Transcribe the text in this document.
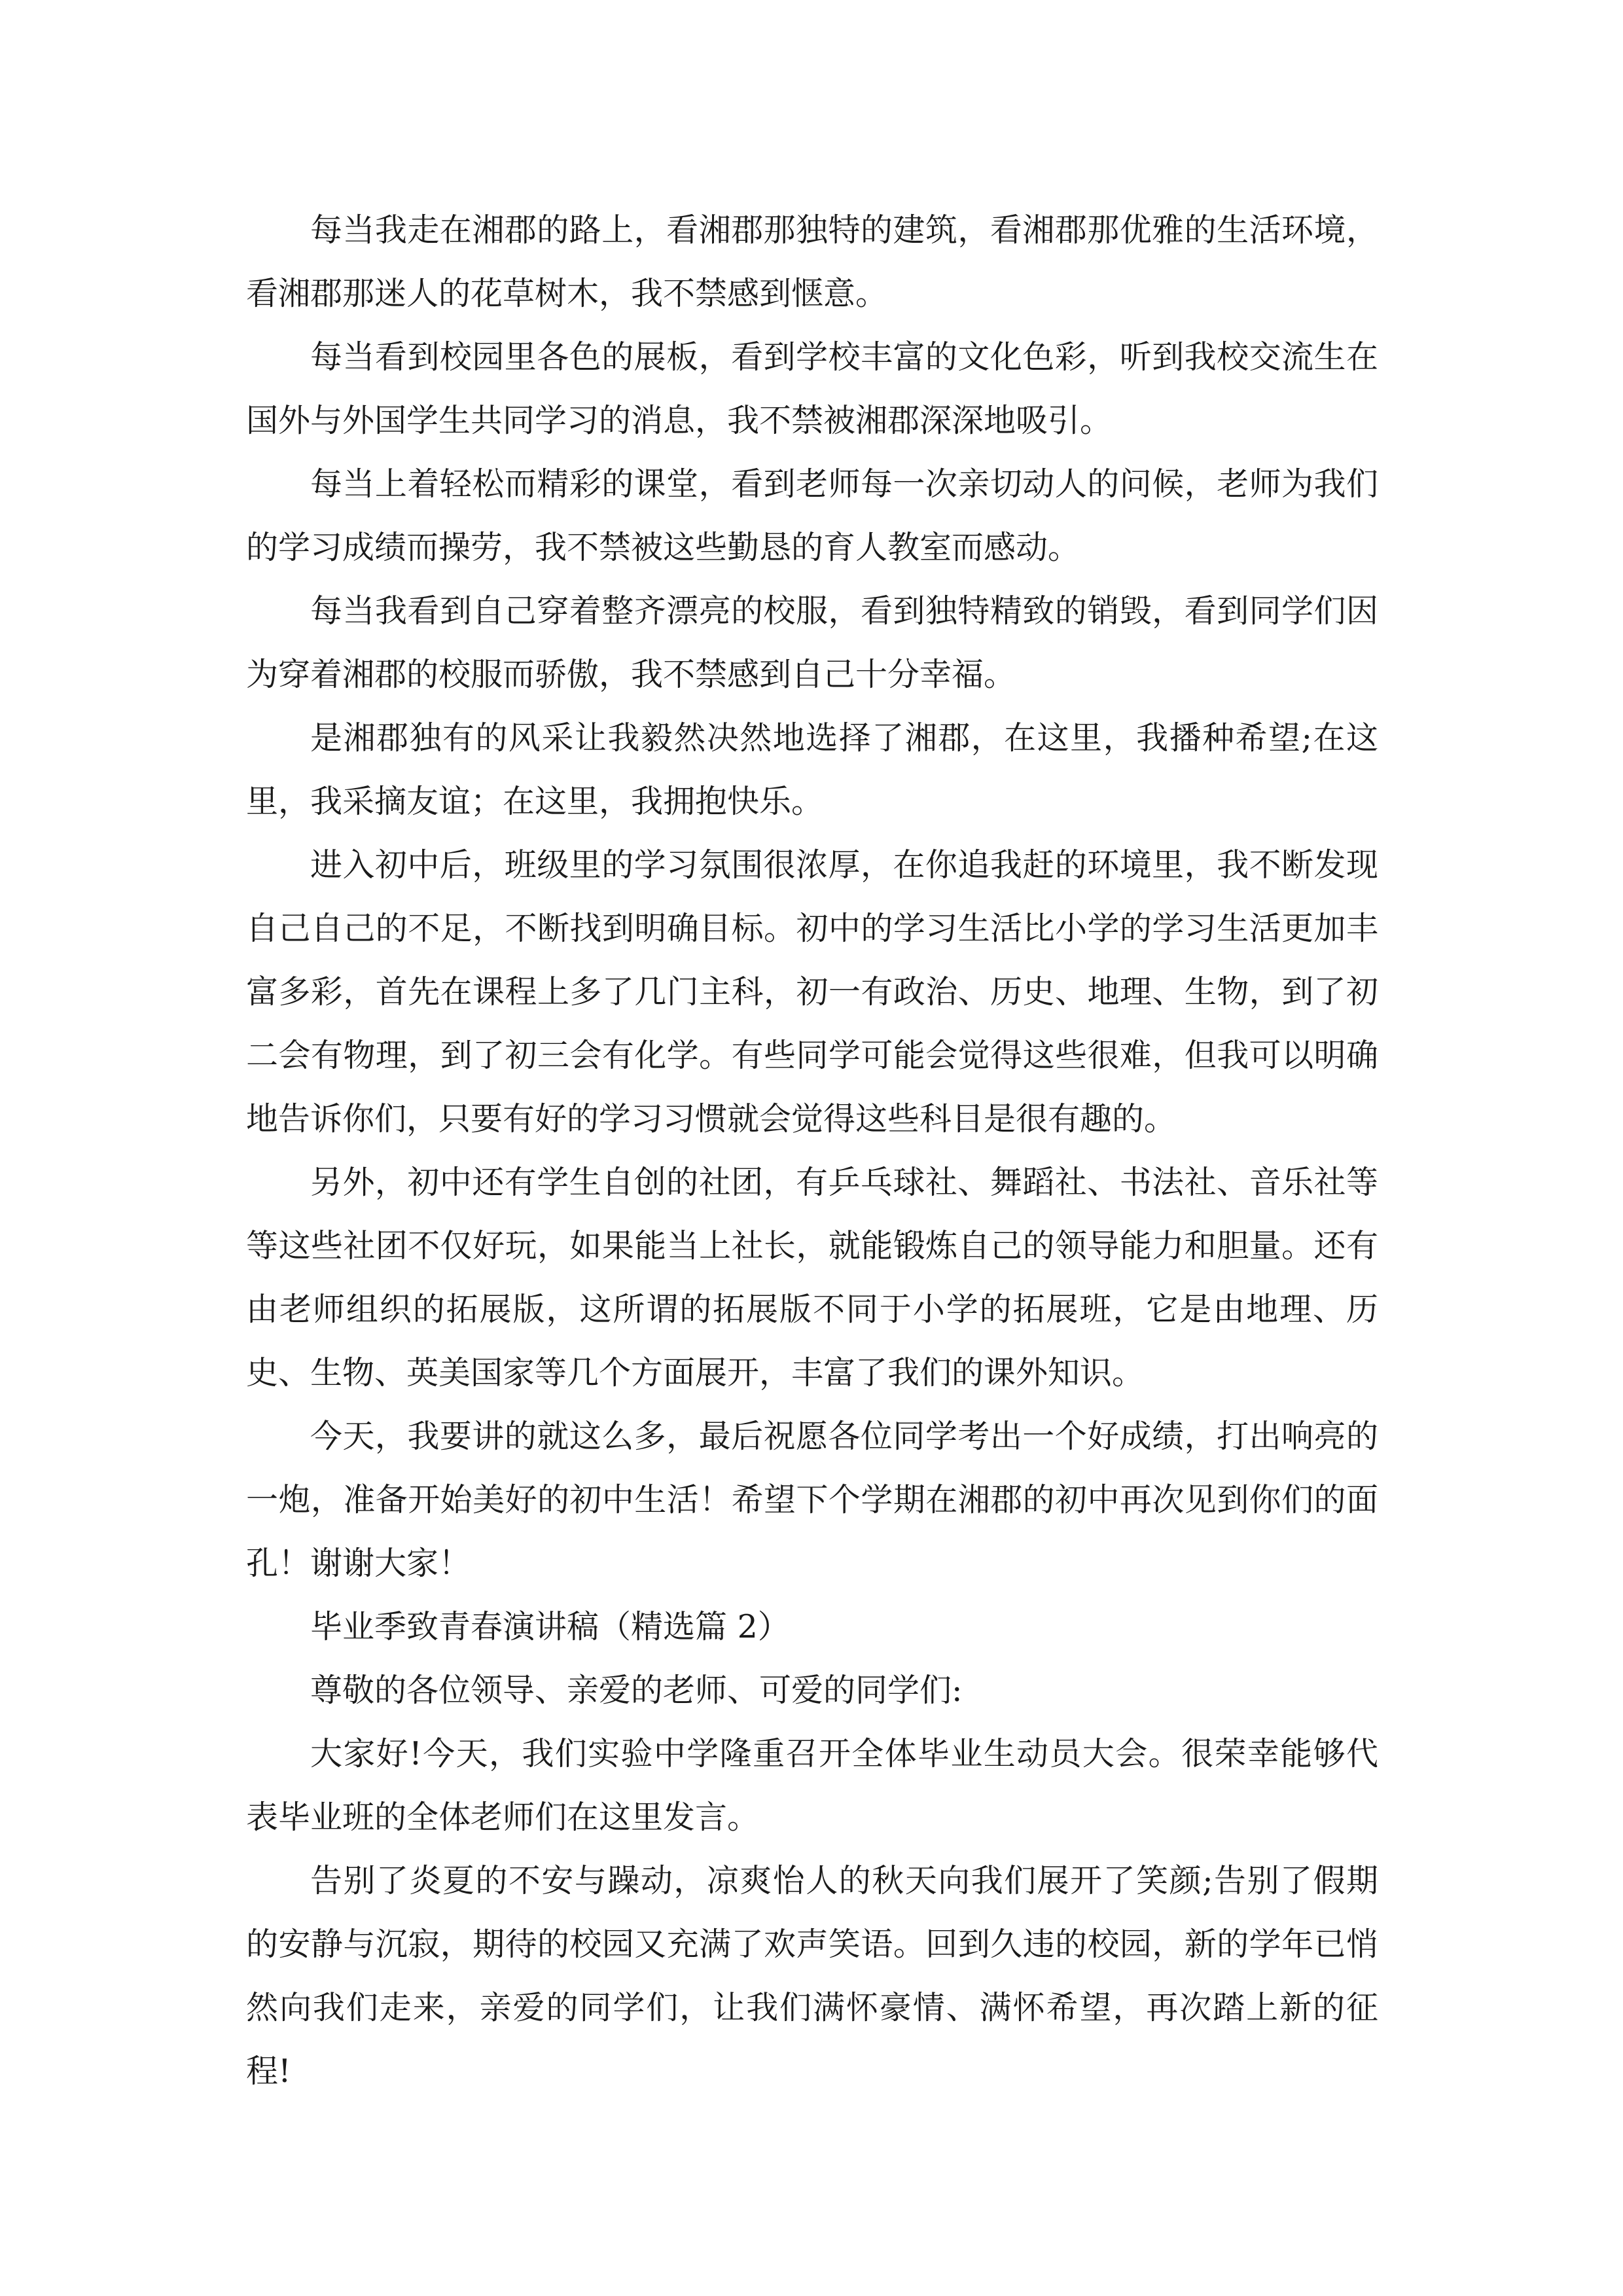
每当我走在湘郡的路上，看湘郡那独特的建筑，看湘郡那优雅的生活环境，看湘郡那迷人的花草树木，我不禁感到惬意。

每当看到校园里各色的展板，看到学校丰富的文化色彩，听到我校交流生在国外与外国学生共同学习的消息，我不禁被湘郡深深地吸引。

每当上着轻松而精彩的课堂，看到老师每一次亲切动人的问候，老师为我们的学习成绩而操劳，我不禁被这些勤恳的育人教室而感动。

每当我看到自己穿着整齐漂亮的校服，看到独特精致的销毁，看到同学们因为穿着湘郡的校服而骄傲，我不禁感到自己十分幸福。

是湘郡独有的风采让我毅然决然地选择了湘郡，在这里，我播种希望;在这里，我采摘友谊；在这里，我拥抱快乐。

进入初中后，班级里的学习氛围很浓厚，在你追我赶的环境里，我不断发现自己自己的不足，不断找到明确目标。初中的学习生活比小学的学习生活更加丰富多彩，首先在课程上多了几门主科，初一有政治、历史、地理、生物，到了初二会有物理，到了初三会有化学。有些同学可能会觉得这些很难，但我可以明确地告诉你们，只要有好的学习习惯就会觉得这些科目是很有趣的。

另外，初中还有学生自创的社团，有乒乓球社、舞蹈社、书法社、音乐社等等这些社团不仅好玩，如果能当上社长，就能锻炼自己的领导能力和胆量。还有由老师组织的拓展版，这所谓的拓展版不同于小学的拓展班，它是由地理、历史、生物、英美国家等几个方面展开，丰富了我们的课外知识。

今天，我要讲的就这么多，最后祝愿各位同学考出一个好成绩，打出响亮的一炮，准备开始美好的初中生活！希望下个学期在湘郡的初中再次见到你们的面孔！谢谢大家！

毕业季致青春演讲稿（精选篇 2）

尊敬的各位领导、亲爱的老师、可爱的同学们:

大家好!今天，我们实验中学隆重召开全体毕业生动员大会。很荣幸能够代表毕业班的全体老师们在这里发言。

告别了炎夏的不安与躁动，凉爽怡人的秋天向我们展开了笑颜;告别了假期的安静与沉寂，期待的校园又充满了欢声笑语。回到久违的校园，新的学年已悄然向我们走来，亲爱的同学们，让我们满怀豪情、满怀希望，再次踏上新的征程!
